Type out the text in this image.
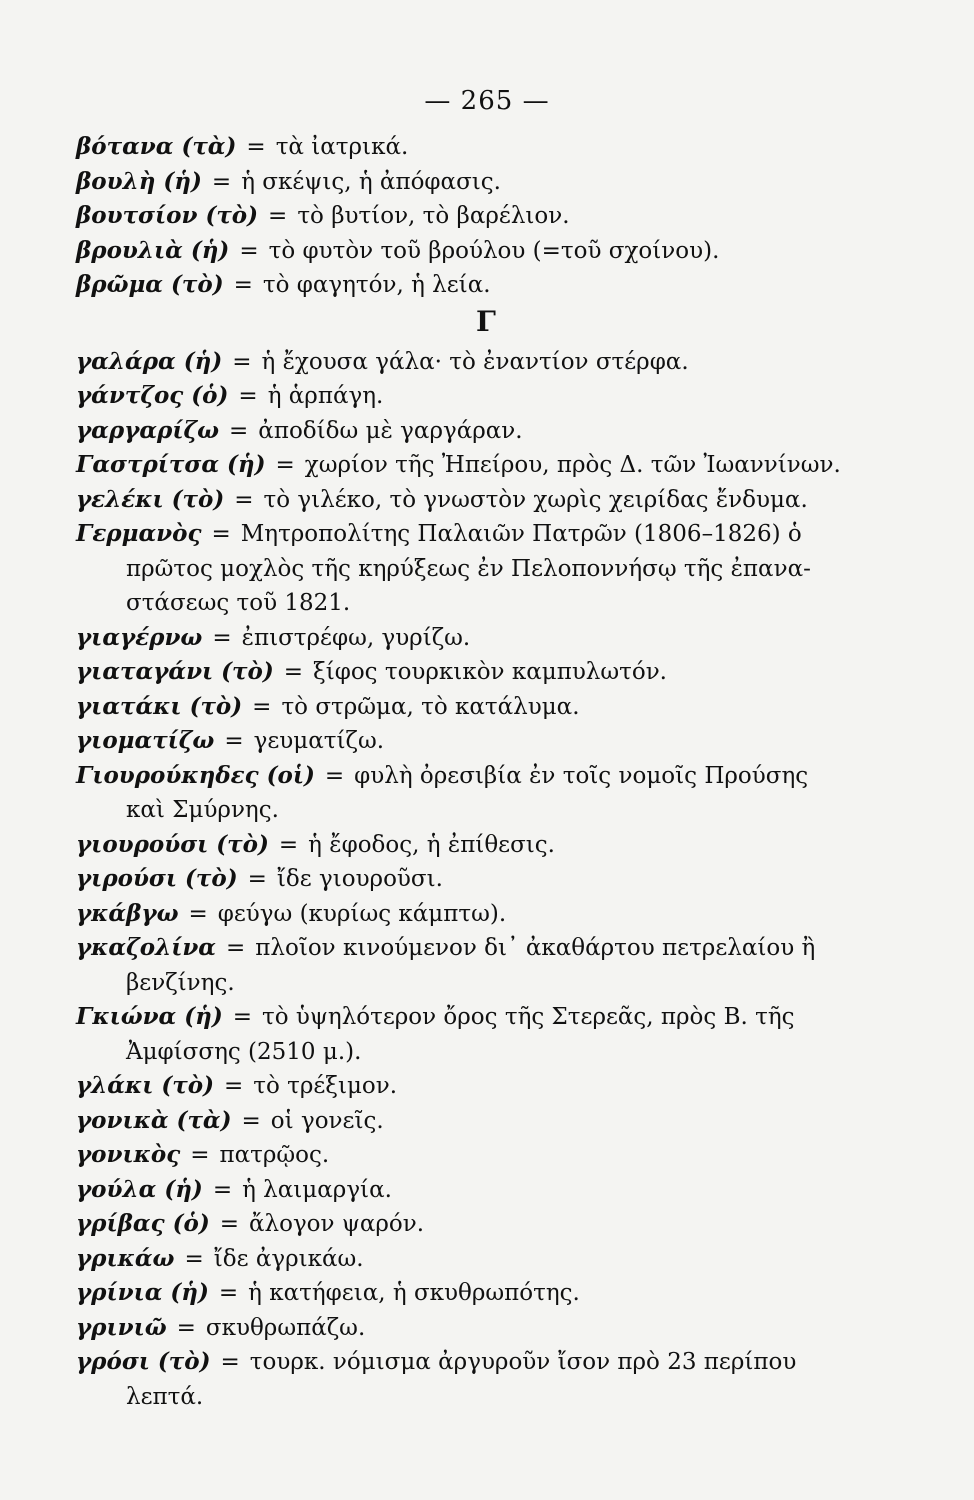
— 265 —
βότανα (τὰ) = τὰ ἰατρικά.
βουλὴ (ἡ) = ἡ σκέψις, ἡ ἀπόφασις.
βουτσίον (τὸ) = τὸ βυτίον, τὸ βαρέλιον.
βρουλιὰ (ἡ) = τὸ φυτὸν τοῦ βρούλου (=τοῦ σχοίνου).
βρῶμα (τὸ) = τὸ φαγητόν, ἡ λεία.
Γ
γαλάρα (ἡ) = ἡ ἔχουσα γάλα· τὸ ἐναντίον στέρφα.
γάντζος (ὁ) = ἡ ἁρπάγη.
γαργαρίζω = ἀποδίδω μὲ γαργάραν.
Γαστρίτσα (ἡ) = χωρίον τῆς Ἠπείρου, πρὸς Δ. τῶν Ἰωαννίνων.
γελέκι (τὸ) = τὸ γιλέκο, τὸ γνωστὸν χωρὶς χειρίδας ἔνδυμα.
Γερμανὸς = Μητροπολίτης Παλαιῶν Πατρῶν (1806–1826) ὁ
πρῶτος μοχλὸς τῆς κηρύξεως ἐν Πελοποννήσῳ τῆς ἐπανα-
στάσεως τοῦ 1821.
γιαγέρνω = ἐπιστρέφω, γυρίζω.
γιαταγάνι (τὸ) = ξίφος τουρκικὸν καμπυλωτόν.
γιατάκι (τὸ) = τὸ στρῶμα, τὸ κατάλυμα.
γιοματίζω = γευματίζω.
Γιουρούκηδες (οἱ) = φυλὴ ὀρεσιβία ἐν τοῖς νομοῖς Προύσης
καὶ Σμύρνης.
γιουρούσι (τὸ) = ἡ ἔφοδος, ἡ ἐπίθεσις.
γιρούσι (τὸ) = ἴδε γιουροῦσι.
γκάβγω = φεύγω (κυρίως κάμπτω).
γκαζολίνα = πλοῖον κινούμενον δι᾿ ἀκαθάρτου πετρελαίου ἢ
βενζίνης.
Γκιώνα (ἡ) = τὸ ὑψηλότερον ὄρος τῆς Στερεᾶς, πρὸς Β. τῆς
Ἀμφίσσης (2510 μ.).
γλάκι (τὸ) = τὸ τρέξιμον.
γονικὰ (τὰ) = οἱ γονεῖς.
γονικὸς = πατρῷος.
γούλα (ἡ) = ἡ λαιμαργία.
γρίβας (ὁ) = ἄλογον ψαρόν.
γρικάω = ἴδε ἀγρικάω.
γρίνια (ἡ) = ἡ κατήφεια, ἡ σκυθρωπότης.
γρινιῶ = σκυθρωπάζω.
γρόσι (τὸ) = τουρκ. νόμισμα ἀργυροῦν ἴσον πρὸ 23 περίπου
λεπτά.
